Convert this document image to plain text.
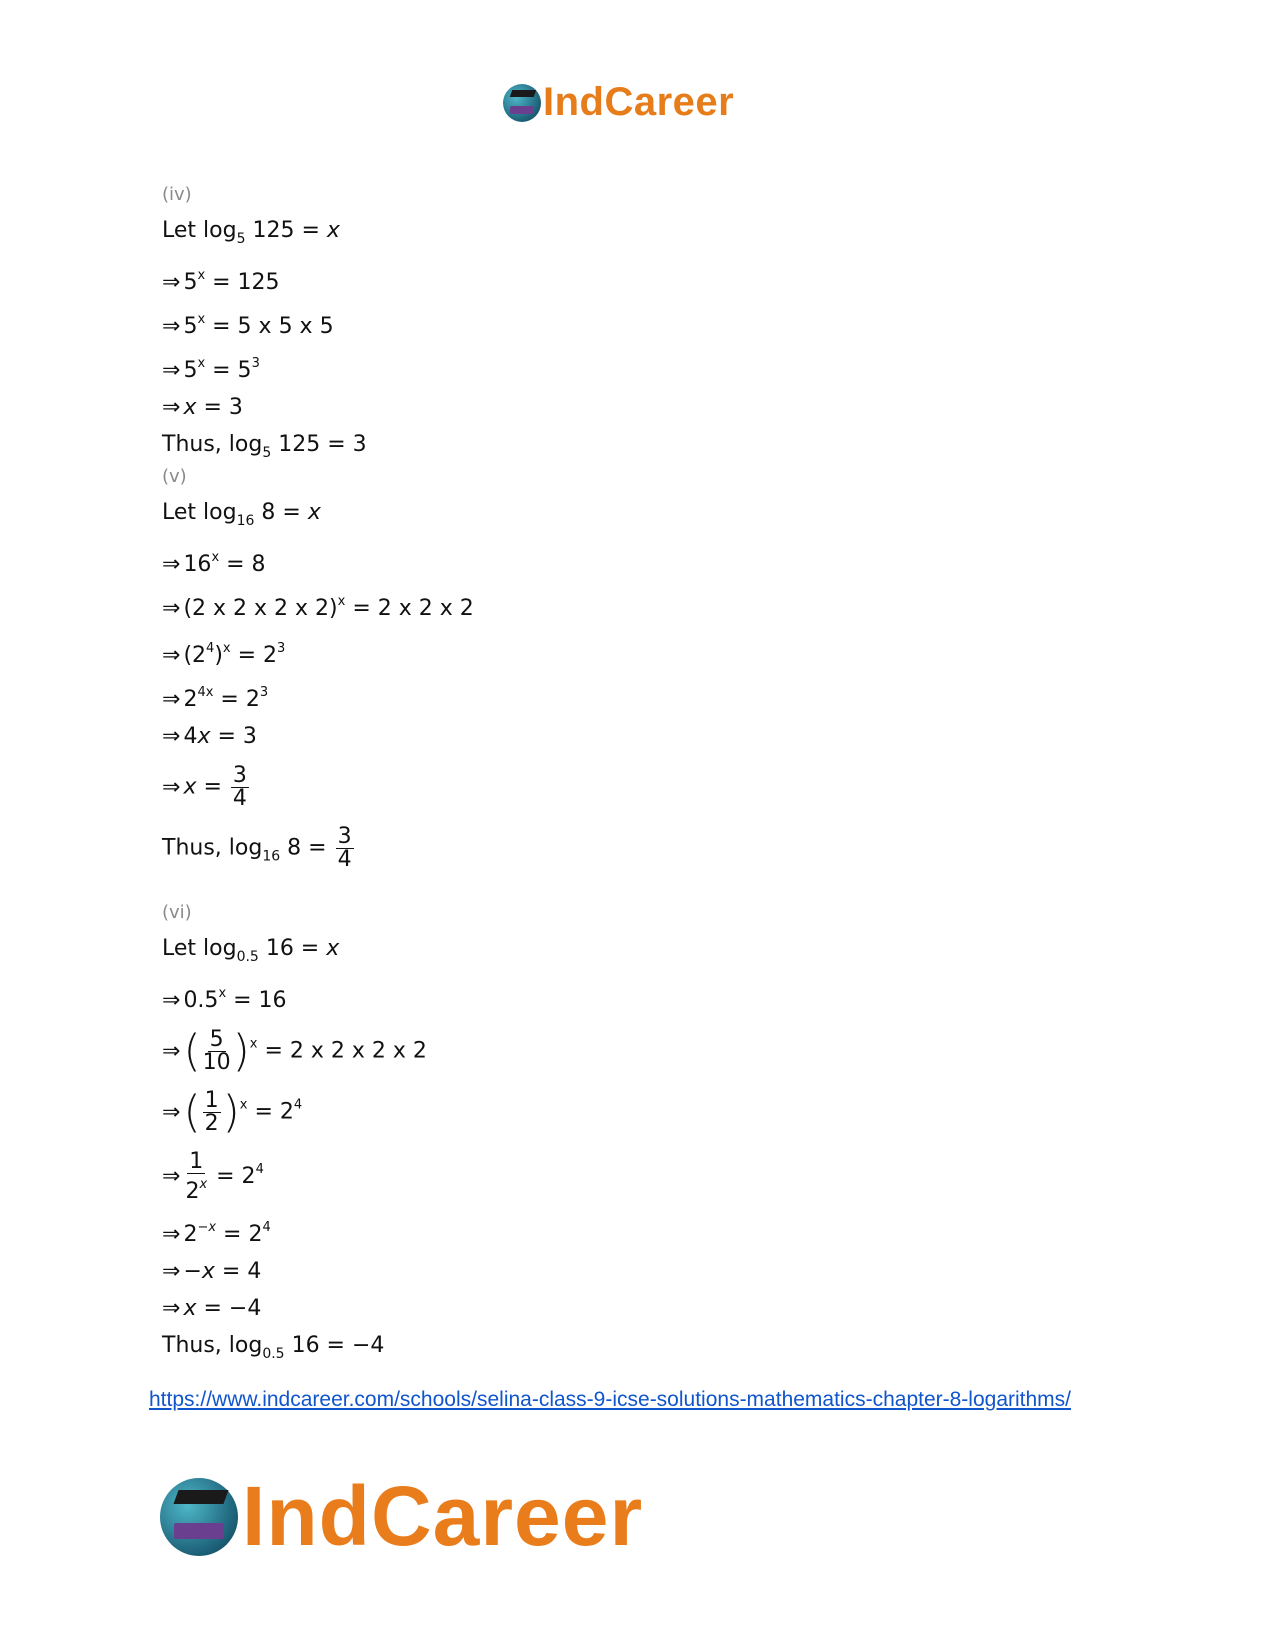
IndCareer
(iv)
Let $\log_5 125 = x$
⇒ $5^x = 125$
⇒ $5^x = 5$ x 5 x 5
⇒ $5^x = 5^3$
⇒ x = 3
Thus, $\log_5 125 = 3$
(v)
Let $\log_{16} 8 = x$
⇒ $16^x = 8$
⇒ (2 x 2 x 2 x 2)$^x$ = 2 x 2 x 2
⇒ $(2^4)^x = 2^3$
⇒ $2^{4x} = 2^3$
⇒ 4x = 3
⇒ $x = \frac{3}{4}$
Thus, $\log_{16} 8 = \frac{3}{4}$
(vi)
Let $\log_{0.5} 16 = x$
⇒ $0.5^x = 16$
⇒( $\frac{5}{10} )^x = 2$ x 2 x 2 x 2
⇒( $\frac{1}{2} )^x = 2^4$
⇒ $\frac{1}{2^x} = 2^4$
⇒ $2^{-x} = 2^4$
⇒ −x = 4
⇒ x = −4
Thus, $\log_{0.5} 16 = -4$
https://www.indcareer.com/schools/selina-class-9-icse-solutions-mathematics-chapter-8-logarithms/
IndCareer
